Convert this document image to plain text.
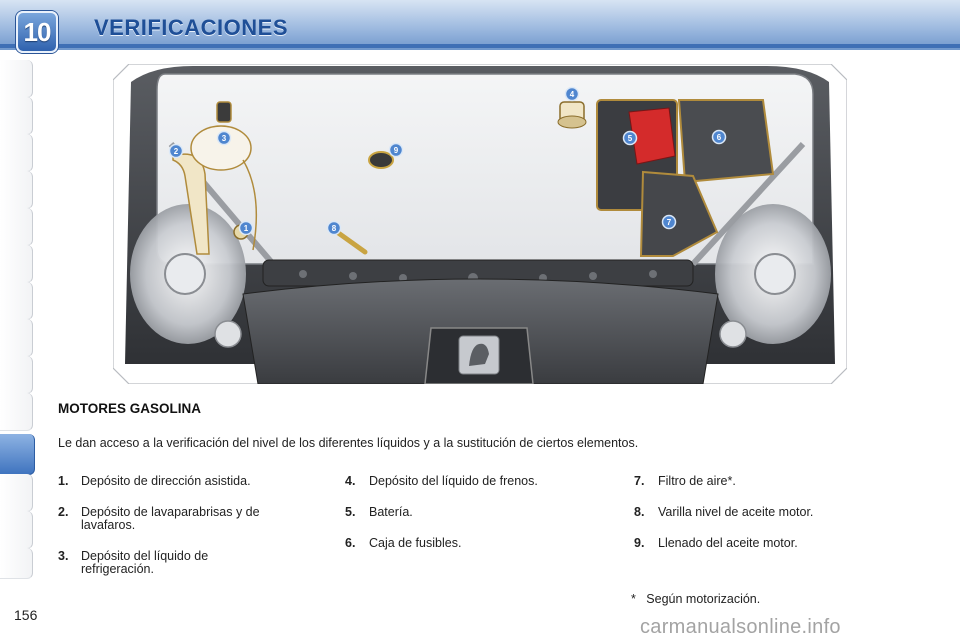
10 VERIFICACIONES
1
2
3
4
5	6
7
8
9
MOTORES GASOLINA
Le dan acceso a la verificación del nivel de los diferentes líquidos y a la sustitución de ciertos elementos.
1. Depósito de dirección asistida.
2. Depósito de lavaparabrisas y de
lavafaros.
3. Depósito del líquido de
refrigeración.
4. Depósito del líquido de frenos.
5. Batería.
6. Caja de fusibles.
7. Filtro de aire*.
8. Varilla nivel de aceite motor.
9. Llenado del aceite motor.
*   Según motorización.
156
carmanualsonline.info
